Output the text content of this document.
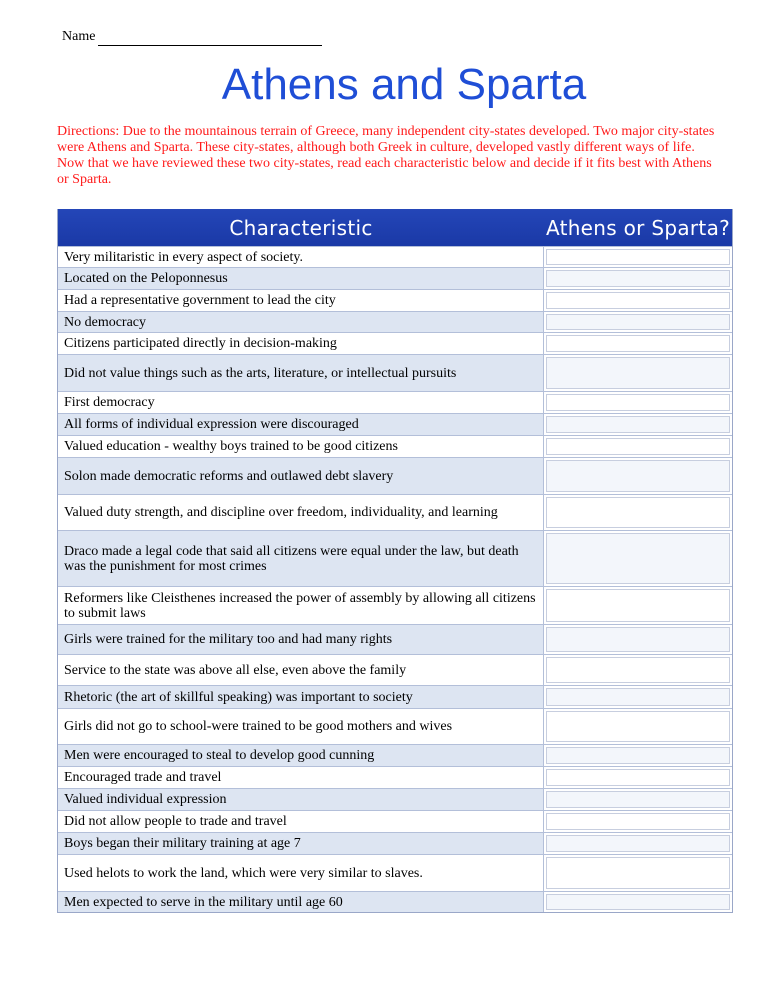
Name
Athens and Sparta
Directions: Due to the mountainous terrain of Greece, many independent city-states developed. Two major city-states were Athens and Sparta. These city-states, although both Greek in culture, developed vastly different ways of life. Now that we have reviewed these two city-states, read each characteristic below and decide if it fits best with Athens or Sparta.
Characteristic	Athens or Sparta?
Very militaristic in every aspect of society.
Located on the Peloponnesus
Had a representative government to lead the city
No democracy
Citizens participated directly in decision-making
Did not value things such as the arts, literature, or intellectual pursuits
First democracy
All forms of individual expression were discouraged
Valued education - wealthy boys trained to be good citizens
Solon made democratic reforms and outlawed debt slavery
Valued duty strength, and discipline over freedom, individuality, and learning
Draco made a legal code that said all citizens were equal under the law, but death was the punishment for most crimes
Reformers like Cleisthenes increased the power of assembly by allowing all citizens to submit laws
Girls were trained for the military too and had many rights
Service to the state was above all else, even above the family
Rhetoric (the art of skillful speaking) was important to society
Girls did not go to school-were trained to be good mothers and wives
Men were encouraged to steal to develop good cunning
Encouraged trade and travel
Valued individual expression
Did not allow people to trade and travel
Boys began their military training at age 7
Used helots to work the land, which were very similar to slaves.
Men expected to serve in the military until age 60
